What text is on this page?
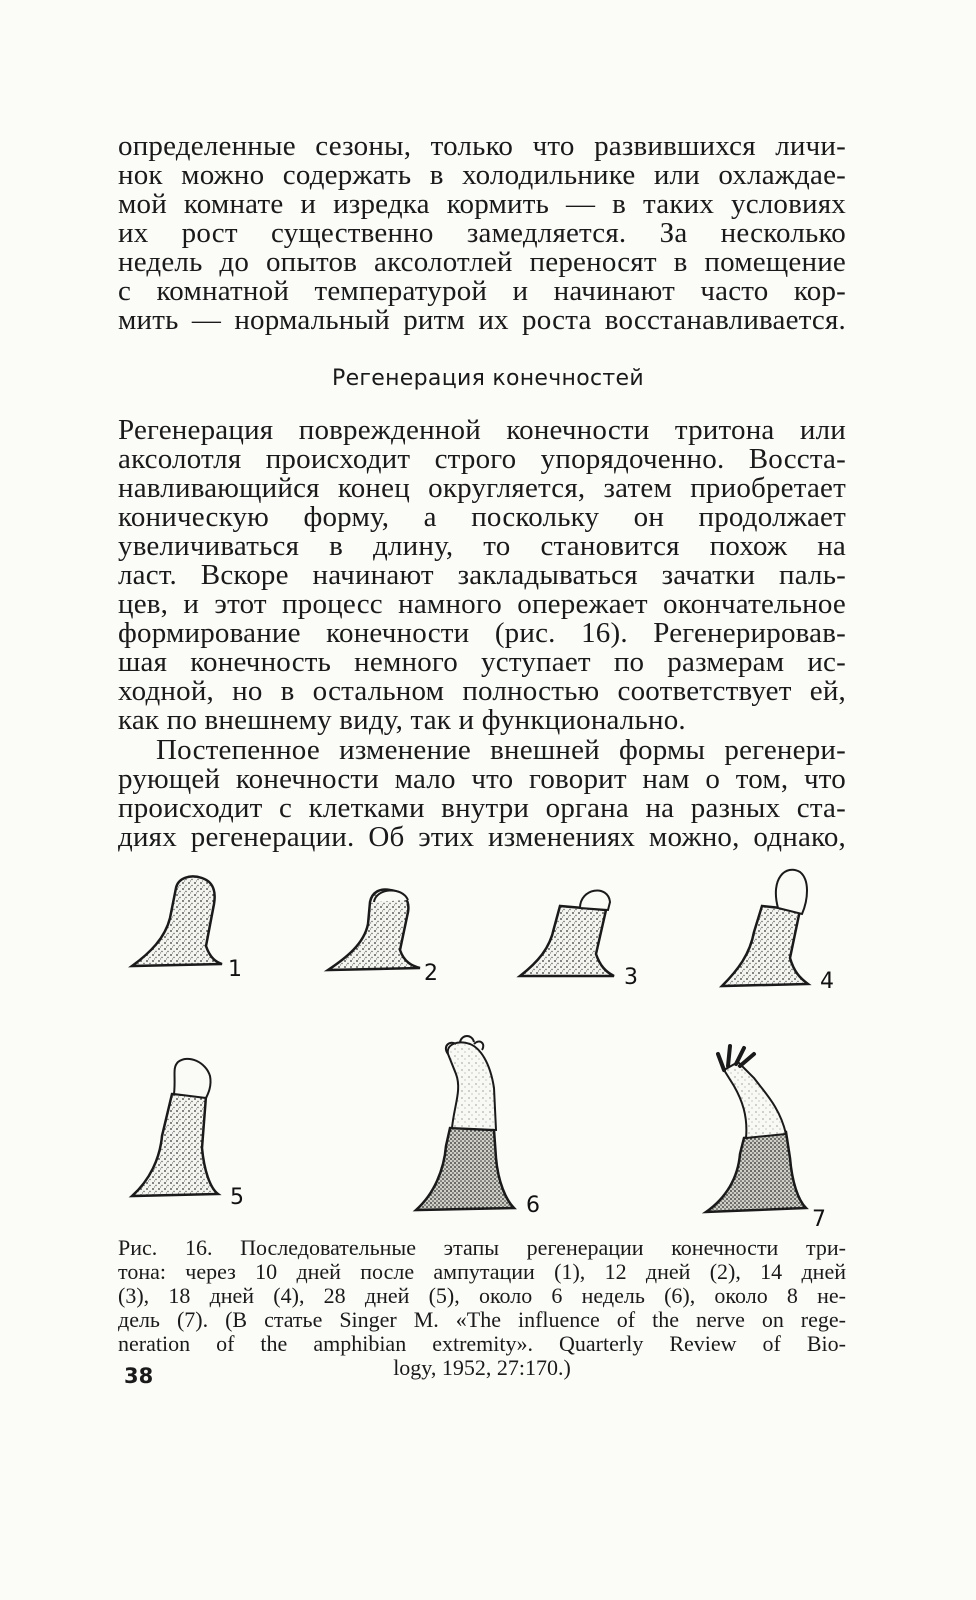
определенные сезоны, только что развившихся личи-
нок можно содержать в холодильнике или охлаждае-
мой комнате и изредка кормить — в таких условиях
их рост существенно замедляется. За несколько
недель до опытов аксолотлей переносят в помещение
с комнатной температурой и начинают часто кор-
мить — нормальный ритм их роста восстанавливается.
Регенерация конечностей
Регенерация поврежденной конечности тритона или
аксолотля происходит строго упорядоченно. Восста-
навливающийся конец округляется, затем приобретает
коническую форму, а поскольку он продолжает
увеличиваться в длину, то становится похож на
ласт. Вскоре начинают закладываться зачатки паль-
цев, и этот процесс намного опережает окончательное
формирование конечности (рис. 16). Регенерировав-
шая конечность немного уступает по размерам ис-
ходной, но в остальном полностью соответствует ей,
как по внешнему виду, так и функционально.
Постепенное изменение внешней формы регенери-
рующей конечности мало что говорит нам о том, что
происходит с клетками внутри органа на разных ста-
диях регенерации. Об этих изменениях можно, однако,
1	2	3	4
5	6
7
Рис. 16. Последовательные этапы регенерации конечности три-
тона: через 10 дней после ампутации (1), 12 дней (2), 14 дней
(3), 18 дней (4), 28 дней (5), около 6 недель (6), около 8 не-
дель (7). (В статье Singer M. «The influence of the nerve on rege-
neration of the amphibian extremity». Quarterly Review of Bio-
logy, 1952, 27:170.)
38
